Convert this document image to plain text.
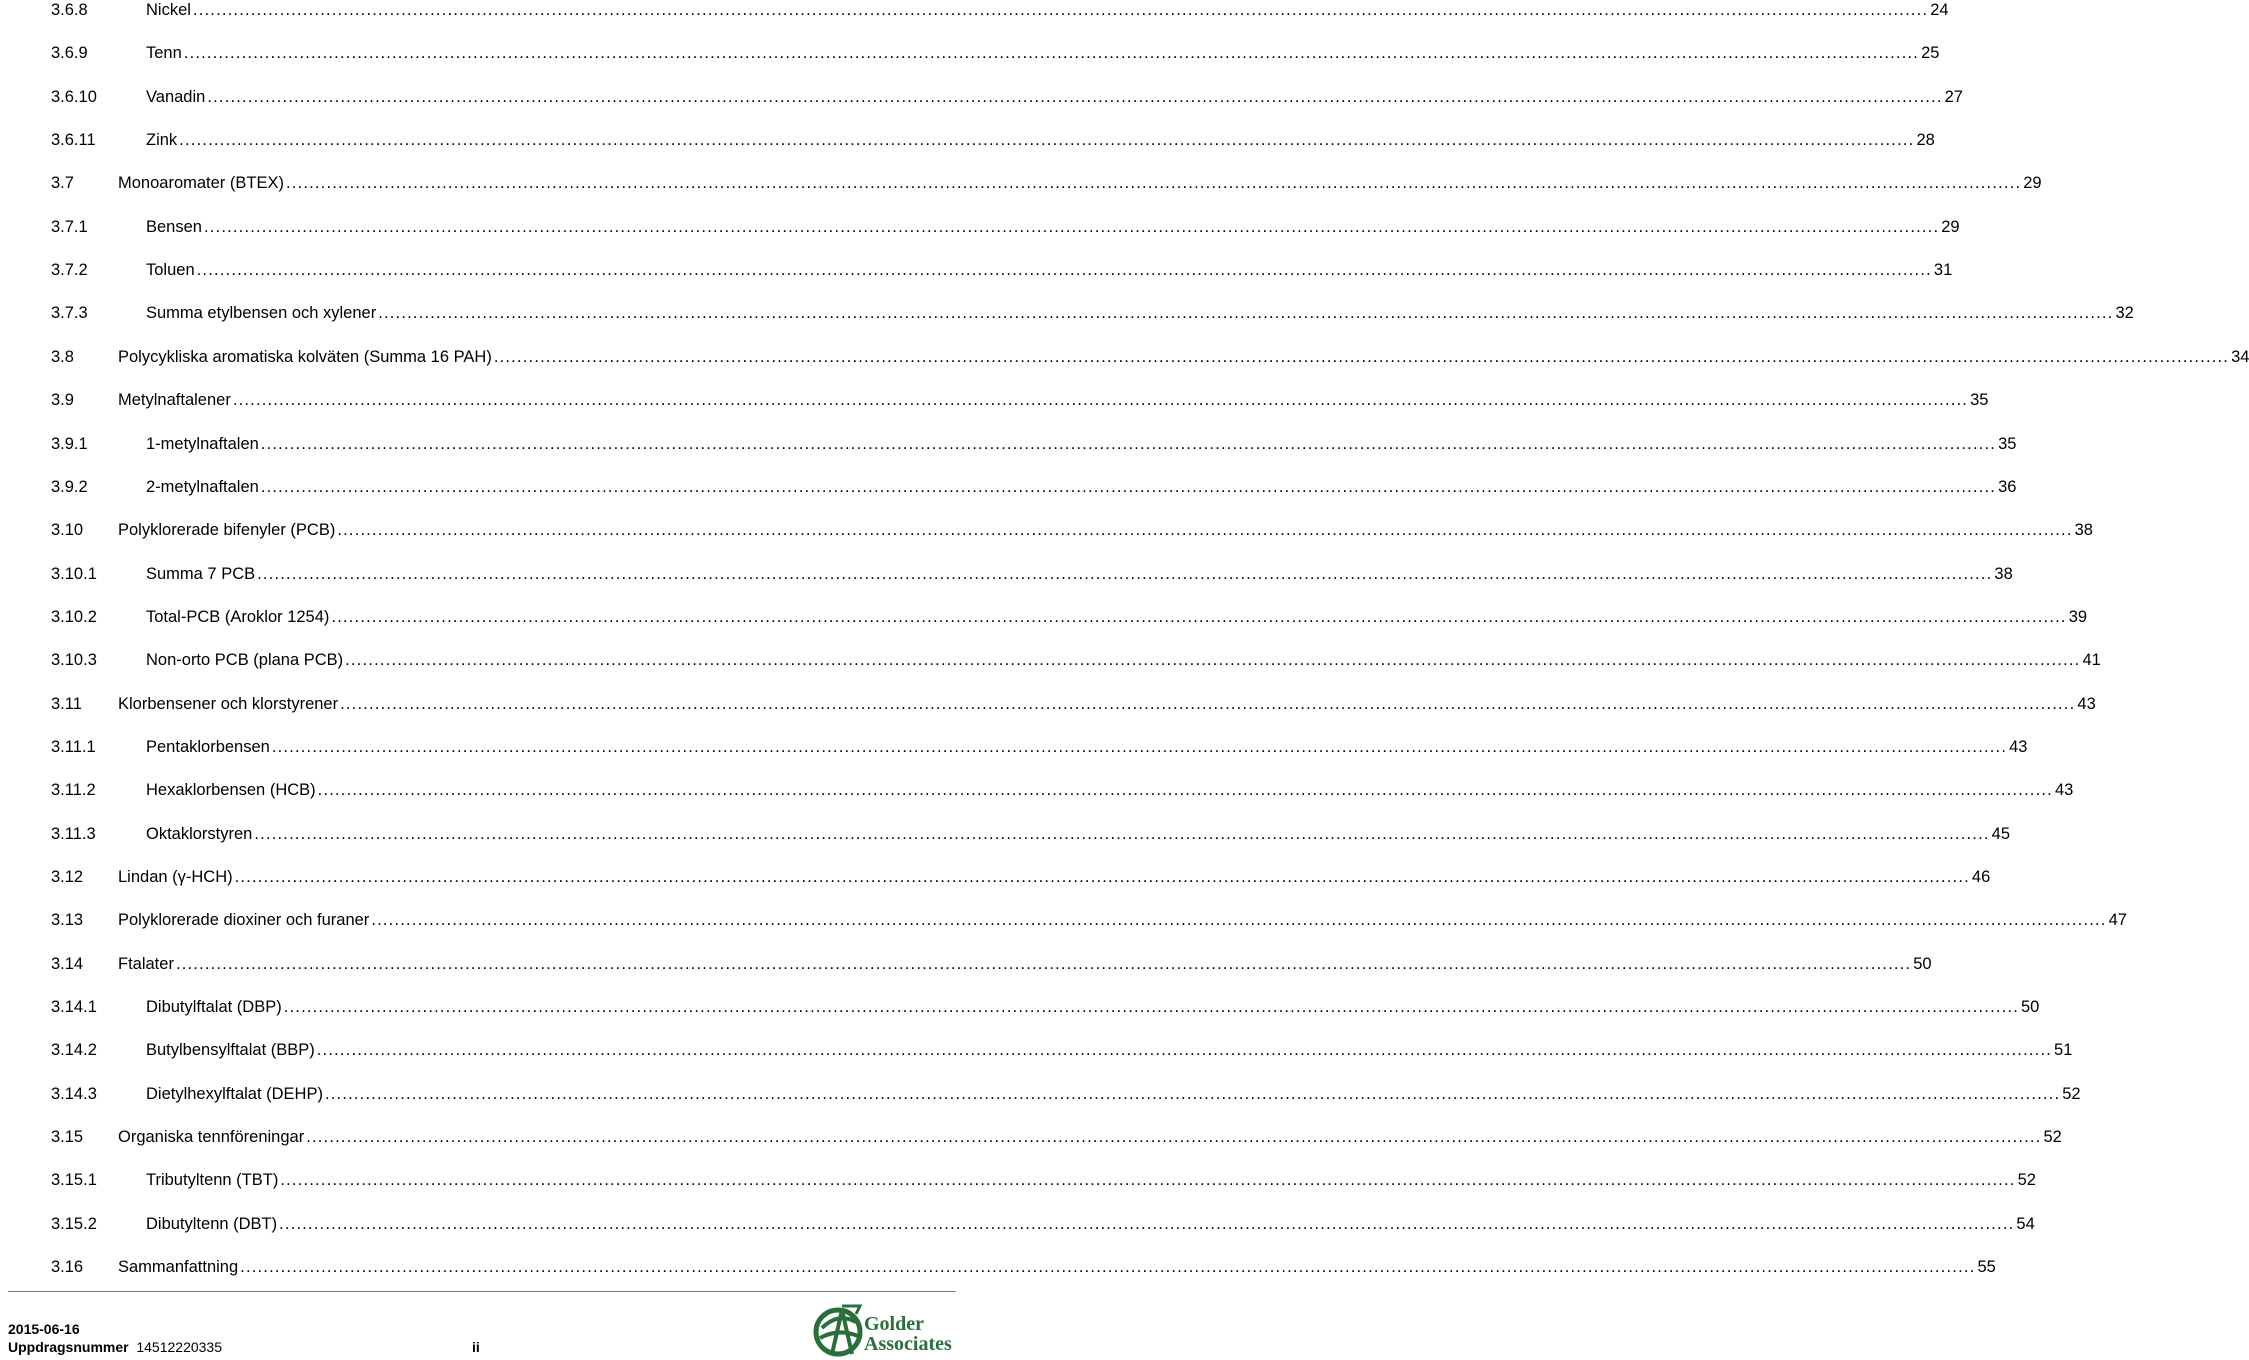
3.6.8	Nickel ............................................................................................................................................................................................................................................................................................................ 24
3.6.9	Tenn ............................................................................................................................................................................................................................................................................................................ 25
3.6.10	Vanadin ............................................................................................................................................................................................................................................................................................................ 27
3.6.11	Zink ............................................................................................................................................................................................................................................................................................................ 28
3.7	Monoaromater (BTEX) ............................................................................................................................................................................................................................................................................................................ 29
3.7.1	Bensen ............................................................................................................................................................................................................................................................................................................ 29
3.7.2	Toluen ............................................................................................................................................................................................................................................................................................................ 31
3.7.3	Summa etylbensen och xylener ............................................................................................................................................................................................................................................................................................................ 32
3.8	Polycykliska aromatiska kolväten (Summa 16 PAH) ............................................................................................................................................................................................................................................................................................................ 34
3.9	Metylnaftalener ............................................................................................................................................................................................................................................................................................................ 35
3.9.1	1-metylnaftalen ............................................................................................................................................................................................................................................................................................................ 35
3.9.2	2-metylnaftalen ............................................................................................................................................................................................................................................................................................................ 36
3.10 Polyklorerade bifenyler (PCB) ............................................................................................................................................................................................................................................................................................................ 38
3.10.1	Summa 7 PCB ............................................................................................................................................................................................................................................................................................................ 38
3.10.2	Total-PCB (Aroklor 1254) ............................................................................................................................................................................................................................................................................................................ 39
3.10.3	Non-orto PCB (plana PCB) ............................................................................................................................................................................................................................................................................................................ 41
3.11 Klorbensener och klorstyrener ............................................................................................................................................................................................................................................................................................................ 43
3.11.1	Pentaklorbensen ............................................................................................................................................................................................................................................................................................................ 43
3.11.2	Hexaklorbensen (HCB) ............................................................................................................................................................................................................................................................................................................ 43
3.11.3	Oktaklorstyren ............................................................................................................................................................................................................................................................................................................ 45
3.12 Lindan (γ-HCH) ............................................................................................................................................................................................................................................................................................................ 46
3.13 Polyklorerade dioxiner och furaner ............................................................................................................................................................................................................................................................................................................ 47
3.14 Ftalater ............................................................................................................................................................................................................................................................................................................ 50
3.14.1	Dibutylftalat (DBP) ............................................................................................................................................................................................................................................................................................................ 50
3.14.2	Butylbensylftalat (BBP) ............................................................................................................................................................................................................................................................................................................ 51
3.14.3	Dietylhexylftalat (DEHP) ............................................................................................................................................................................................................................................................................................................ 52
3.15 Organiska tennföreningar ............................................................................................................................................................................................................................................................................................................ 52
3.15.1	Tributyltenn (TBT) ............................................................................................................................................................................................................................................................................................................ 52
3.15.2	Dibutyltenn (DBT) ............................................................................................................................................................................................................................................................................................................ 54
3.16 Sammanfattning ............................................................................................................................................................................................................................................................................................................ 55
2015-06-16
Uppdragsnummer 14512220335	ii
Golder
Associates
